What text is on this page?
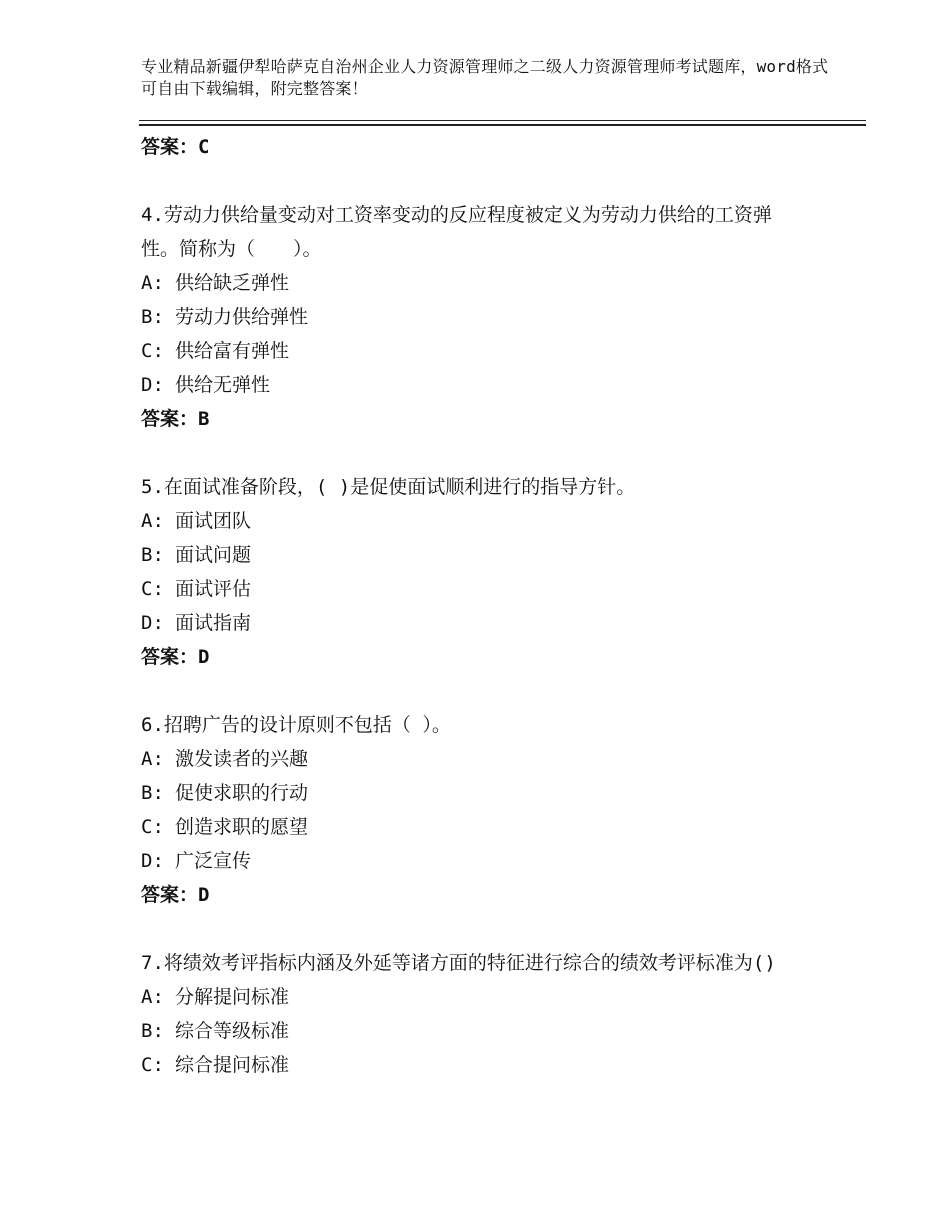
专业精品新疆伊犁哈萨克自治州企业人力资源管理师之二级人力资源管理师考试题库，word格式可自由下载编辑，附完整答案！
答案：C
4.劳动力供给量变动对工资率变动的反应程度被定义为劳动力供给的工资弹性。简称为（　　）。
A: 供给缺乏弹性
B: 劳动力供给弹性
C: 供给富有弹性
D: 供给无弹性
答案：B
5.在面试准备阶段，( )是促使面试顺利进行的指导方针。
A: 面试团队
B: 面试问题
C: 面试评估
D: 面试指南
答案：D
6.招聘广告的设计原则不包括（ ）。
A: 激发读者的兴趣
B: 促使求职的行动
C: 创造求职的愿望
D: 广泛宣传
答案：D
7.将绩效考评指标内涵及外延等诸方面的特征进行综合的绩效考评标准为()
A: 分解提问标准
B: 综合等级标准
C: 综合提问标准
